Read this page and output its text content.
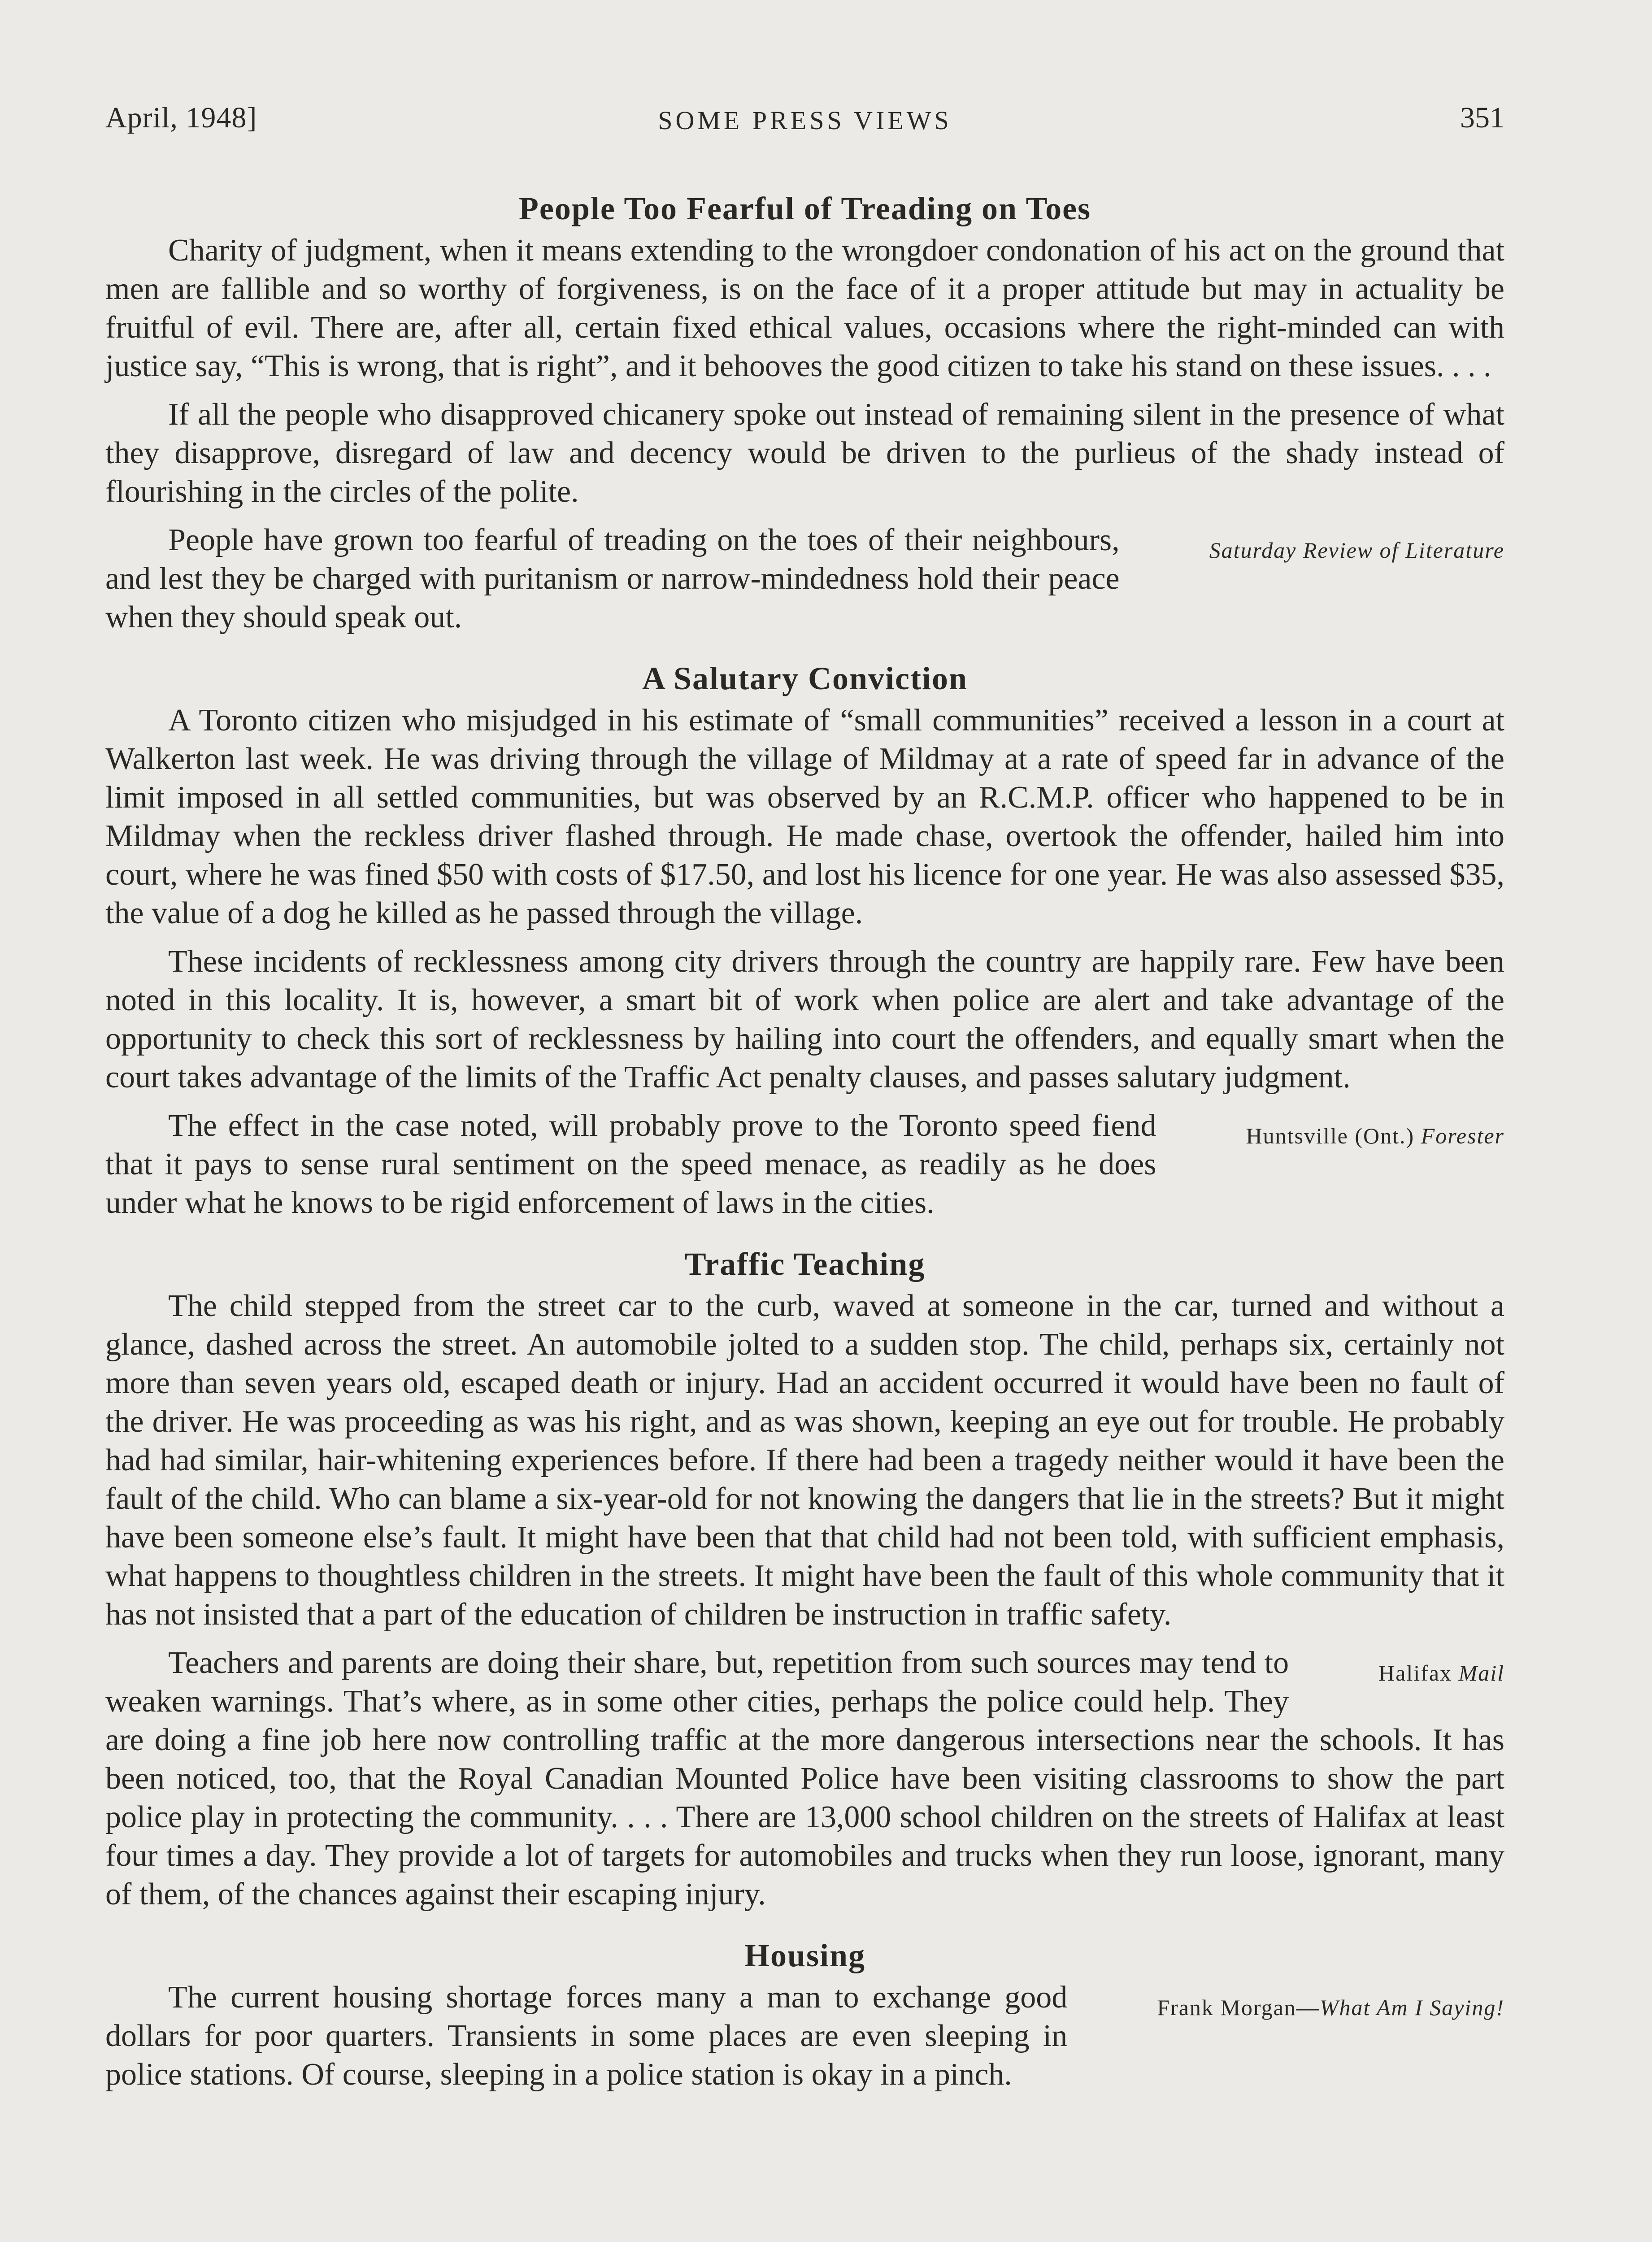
April, 1948]	SOME PRESS VIEWS	351
People Too Fearful of Treading on Toes

Charity of judgment, when it means extending to the wrongdoer condonation of his act on the ground that men are fallible and so worthy of forgiveness, is on the face of it a proper attitude but may in actuality be fruitful of evil. There are, after all, certain fixed ethical values, occasions where the right-minded can with justice say, “This is wrong, that is right”, and it behooves the good citizen to take his stand on these issues. . . .

If all the people who disapproved chicanery spoke out instead of remaining silent in the presence of what they disapprove, disregard of law and decency would be driven to the purlieus of the shady instead of flourishing in the circles of the polite.

Saturday Review of Literature
People have grown too fearful of treading on the toes of their neighbours, and lest they be charged with puritanism or narrow-mindedness hold their peace when they should speak out.

A Salutary Conviction

A Toronto citizen who misjudged in his estimate of “small communities” received a lesson in a court at Walkerton last week. He was driving through the village of Mildmay at a rate of speed far in advance of the limit imposed in all settled communities, but was observed by an R.C.M.P. officer who happened to be in Mildmay when the reckless driver flashed through. He made chase, overtook the offender, hailed him into court, where he was fined $50 with costs of $17.50, and lost his licence for one year. He was also assessed $35, the value of a dog he killed as he passed through the village.

These incidents of recklessness among city drivers through the country are happily rare. Few have been noted in this locality. It is, however, a smart bit of work when police are alert and take advantage of the opportunity to check this sort of recklessness by hailing into court the offenders, and equally smart when the court takes advantage of the limits of the Traffic Act penalty clauses, and passes salutary judgment.

Huntsville (Ont.) Forester
The effect in the case noted, will probably prove to the Toronto speed fiend that it pays to sense rural sentiment on the speed menace, as readily as he does under what he knows to be rigid enforcement of laws in the cities.

Traffic Teaching

The child stepped from the street car to the curb, waved at someone in the car, turned and without a glance, dashed across the street. An automobile jolted to a sudden stop. The child, perhaps six, certainly not more than seven years old, escaped death or injury. Had an accident occurred it would have been no fault of the driver. He was proceeding as was his right, and as was shown, keeping an eye out for trouble. He probably had had similar, hair-whitening experiences before. If there had been a tragedy neither would it have been the fault of the child. Who can blame a six-year-old for not knowing the dangers that lie in the streets? But it might have been someone else’s fault. It might have been that that child had not been told, with sufficient emphasis, what happens to thoughtless children in the streets. It might have been the fault of this whole community that it has not insisted that a part of the education of children be instruction in traffic safety.

Halifax Mail
Teachers and parents are doing their share, but, repetition from such sources may tend to weaken warnings. That’s where, as in some other cities, perhaps the police could help. They are doing a fine job here now controlling traffic at the more dangerous intersections near the schools. It has been noticed, too, that the Royal Canadian Mounted Police have been visiting classrooms to show the part police play in protecting the community. . . . There are 13,000 school children on the streets of Halifax at least four times a day. They provide a lot of targets for automobiles and trucks when they run loose, ignorant, many of them, of the chances against their escaping injury.

Housing

Frank Morgan—What Am I Saying!
The current housing shortage forces many a man to exchange good dollars for poor quarters. Transients in some places are even sleeping in police stations. Of course, sleeping in a police station is okay in a pinch.
